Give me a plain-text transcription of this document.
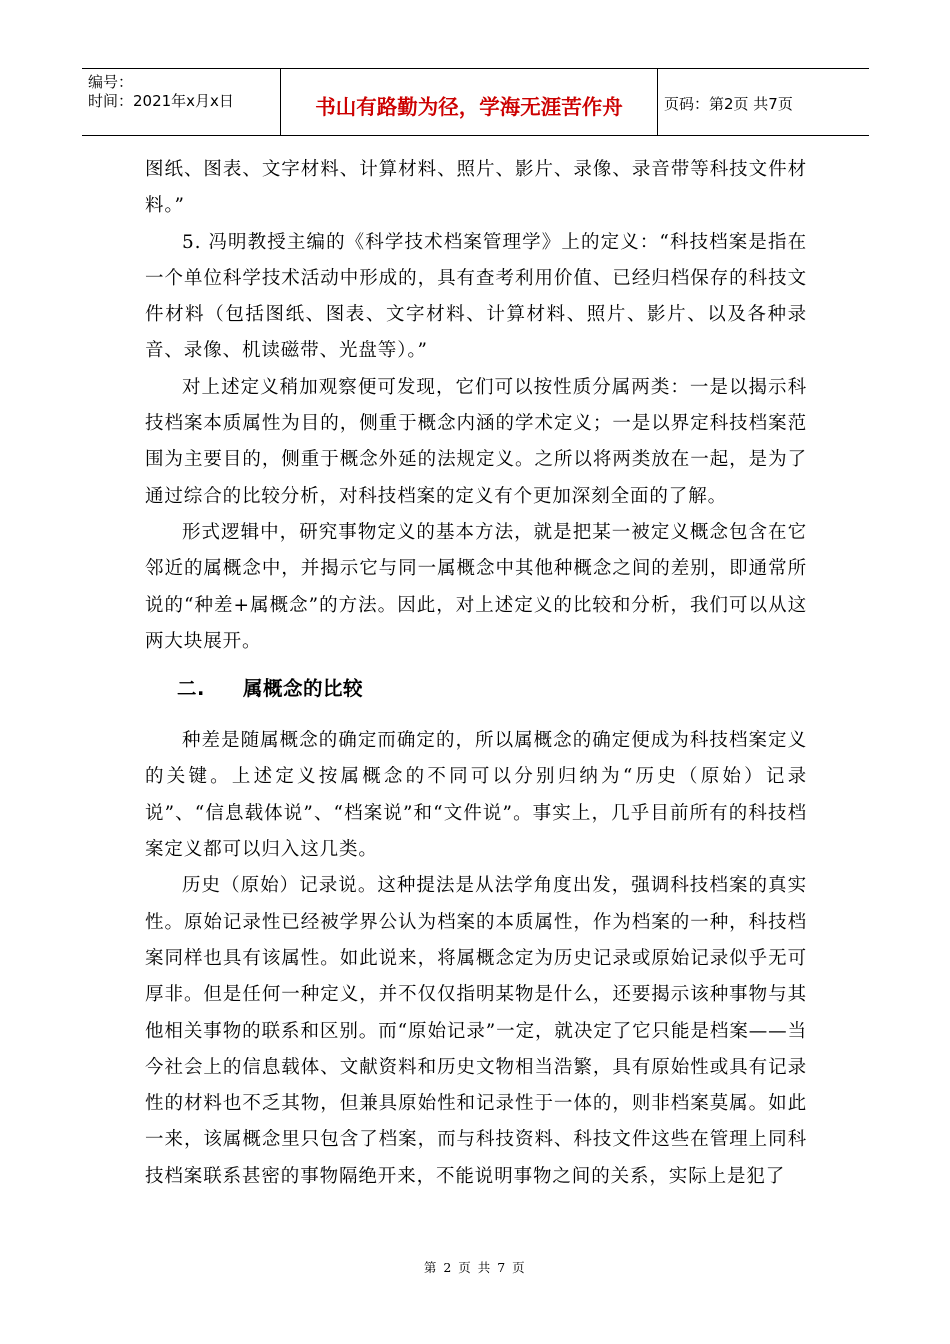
编号：
时间：2021年x月x日	书山有路勤为径，学海无涯苦作舟	页码：第2页 共7页

图纸、图表、文字材料、计算材料、照片、影片、录像、录音带等科技文件材料。”

5. 冯明教授主编的《科学技术档案管理学》上的定义：“科技档案是指在一个单位科学技术活动中形成的，具有查考利用价值、已经归档保存的科技文件材料（包括图纸、图表、文字材料、计算材料、照片、影片、以及各种录音、录像、机读磁带、光盘等）。”

对上述定义稍加观察便可发现，它们可以按性质分属两类：一是以揭示科技档案本质属性为目的，侧重于概念内涵的学术定义；一是以界定科技档案范围为主要目的，侧重于概念外延的法规定义。之所以将两类放在一起，是为了通过综合的比较分析，对科技档案的定义有个更加深刻全面的了解。

形式逻辑中，研究事物定义的基本方法，就是把某一被定义概念包含在它邻近的属概念中，并揭示它与同一属概念中其他种概念之间的差别，即通常所说的“种差+属概念”的方法。因此，对上述定义的比较和分析，我们可以从这两大块展开。

二. 属概念的比较

种差是随属概念的确定而确定的，所以属概念的确定便成为科技档案定义的关键。上述定义按属概念的不同可以分别归纳为“历史（原始）记录说”、“信息载体说”、“档案说”和“文件说”。事实上，几乎目前所有的科技档案定义都可以归入这几类。

历史（原始）记录说。这种提法是从法学角度出发，强调科技档案的真实性。原始记录性已经被学界公认为档案的本质属性，作为档案的一种，科技档案同样也具有该属性。如此说来，将属概念定为历史记录或原始记录似乎无可厚非。但是任何一种定义，并不仅仅指明某物是什么，还要揭示该种事物与其他相关事物的联系和区别。而“原始记录”一定，就决定了它只能是档案——当今社会上的信息载体、文献资料和历史文物相当浩繁，具有原始性或具有记录性的材料也不乏其物，但兼具原始性和记录性于一体的，则非档案莫属。如此一来，该属概念里只包含了档案，而与科技资料、科技文件这些在管理上同科技档案联系甚密的事物隔绝开来，不能说明事物之间的关系，实际上是犯了

第 2 页 共 7 页
